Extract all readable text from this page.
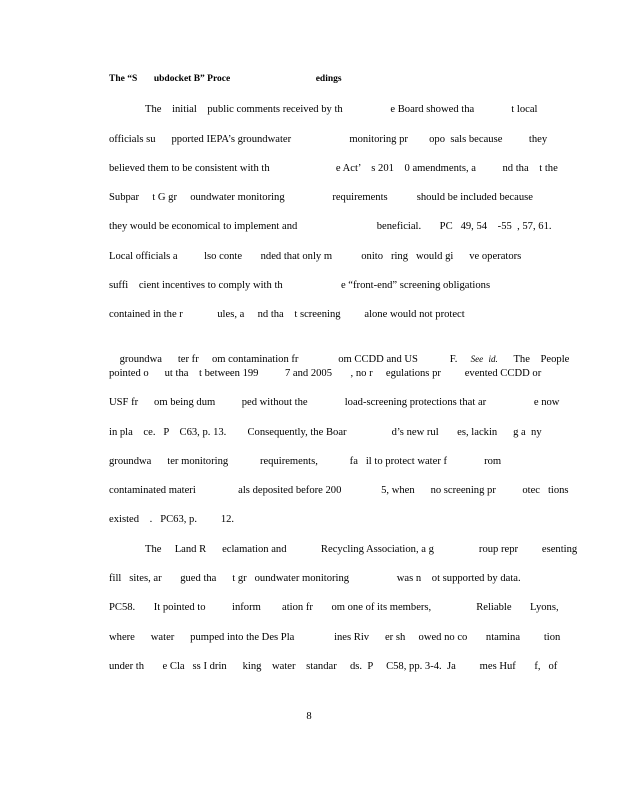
The “S       ubdocket B” Proce                                    edings
The    initial    public comments received by th                  e Board showed tha              t local
officials su      pported IEPA’s groundwater                      monitoring pr        opo  sals because          they
believed them to be consistent with th                         e Act’    s 201    0 amendments, a          nd tha    t the
Subpar     t G gr     oundwater monitoring                  requirements           should be included because
they would be economical to implement and                              beneficial.       PC   49, 54    -55  , 57, 61.
Local officials a          lso conte       nded that only m           onito   ring   would gi      ve operators
suffi    cient incentives to comply with th                      e “front-end” screening obligations
contained in the r             ules, a     nd tha    t screening         alone would not protect

groundwa      ter fr     om contamination fr               om CCDD and US            F. See id. The    People

pointed o      ut tha    t between 199          7 and 2005       , no r     egulations pr         evented CCDD or
USF fr      om being dum          ped without the              load-screening protections that ar                  e now
in pla    ce.   P    C63, p. 13.        Consequently, the Boar                 d’s new rul       es, lackin      g a  ny
groundwa      ter monitoring            requirements,            fa   il to protect water f              rom
contaminated materi                als deposited before 200               5, when      no screening pr          otec   tions
existed    .   PC63, p.         12.
The     Land R      eclamation and             Recycling Association, a g                 roup repr         esenting
fill   sites, ar       gued tha      t gr   oundwater monitoring                  was n    ot supported by data.
PC58.       It pointed to          inform        ation fr       om one of its members,                 Reliable       Lyons,
where      water      pumped into the Des Pla               ines Riv      er sh     owed no co       ntamina         tion
under th       e Cla   ss I drin      king    water    standar     ds.  P     C58, pp. 3-4.  Ja         mes Huf       f,   of
8
